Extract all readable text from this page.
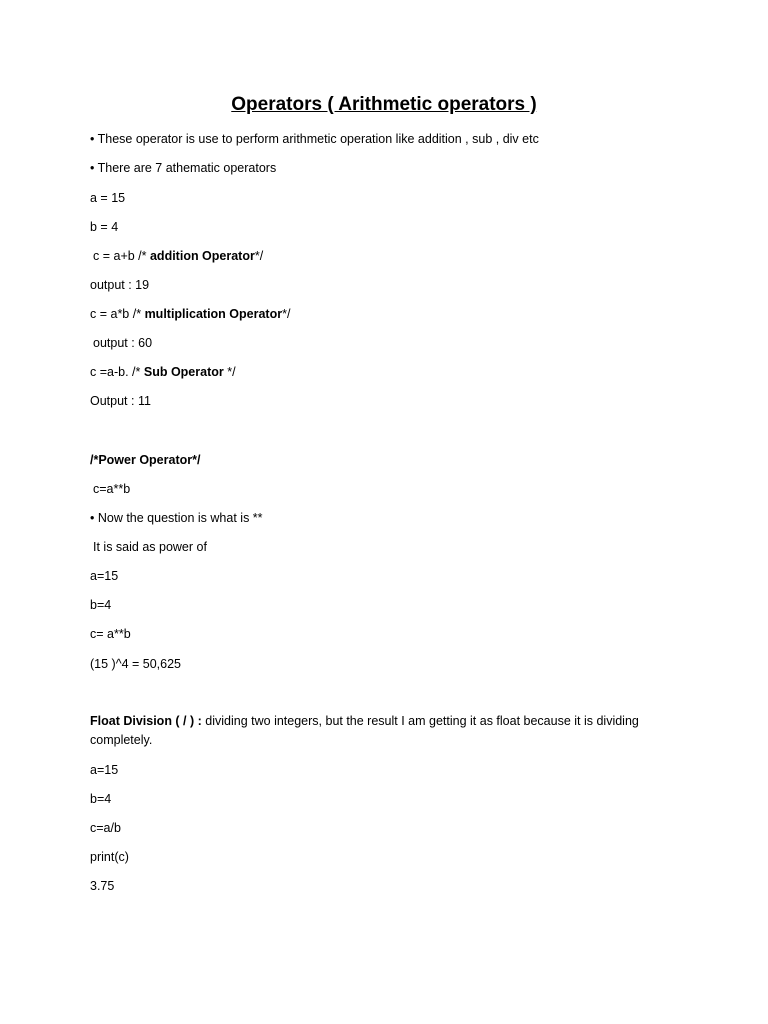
Operators ( Arithmetic operators )
• These operator is use to perform arithmetic operation like addition , sub , div etc
• There are 7 athematic operators
a = 15
b = 4
c = a+b /* addition Operator*/
output : 19
c = a*b /* multiplication Operator*/
output : 60
c =a-b. /* Sub Operator */
Output : 11
/*Power Operator*/
c=a**b
• Now the question is what is **
It is said as power of
a=15
b=4
c= a**b
(15 )^4 = 50,625
Float Division ( / ) : dividing two integers, but the result I am getting it as float because it is dividing completely.
a=15
b=4
c=a/b
print(c)
3.75
